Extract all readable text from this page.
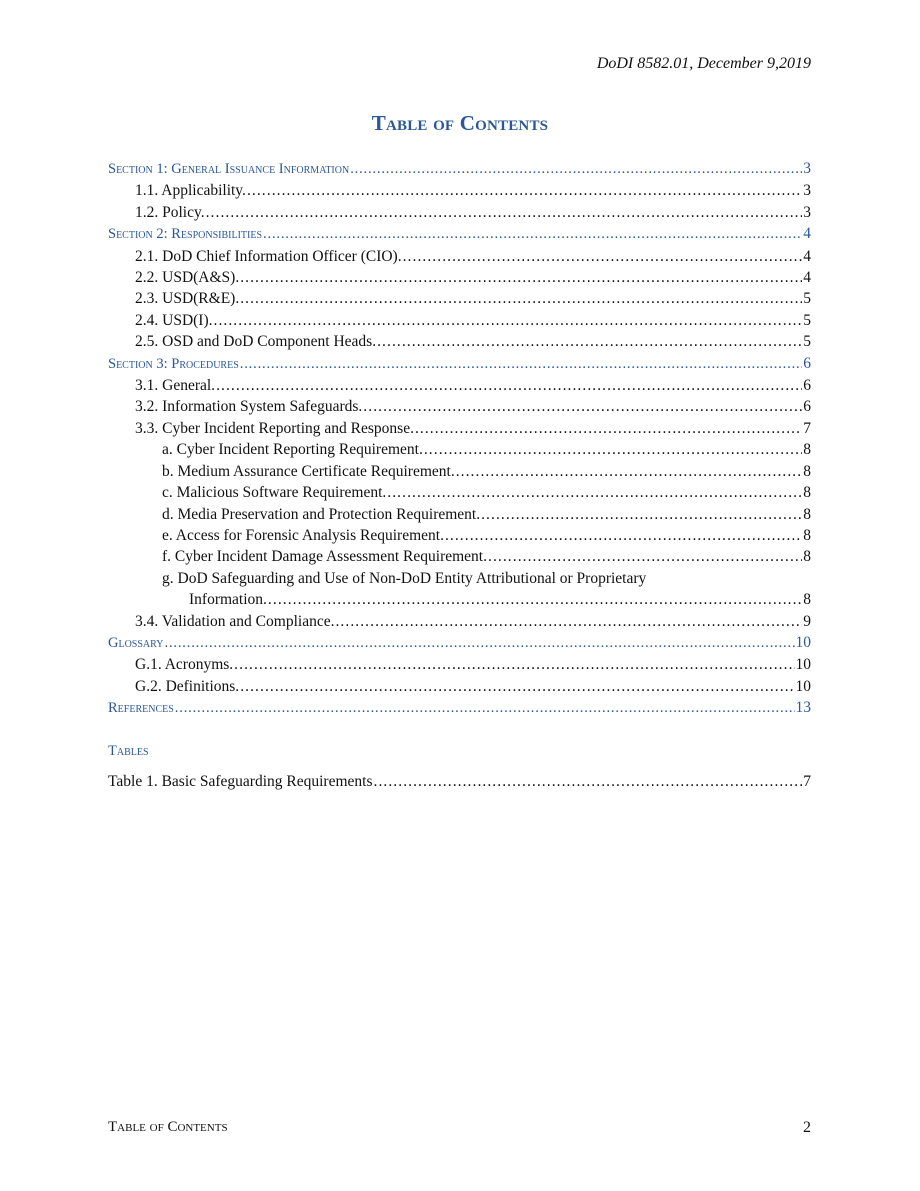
DoDI 8582.01, December 9,2019
Table of Contents
Section 1: General Issuance Information . . .	3
1.1. Applicability. . . .	3
1.2. Policy. . . .	3
Section 2: Responsibilities . . .	4
2.1. DoD Chief Information Officer (CIO). . . .	4
2.2. USD(A&S). . . .	4
2.3. USD(R&E). . . .	5
2.4. USD(I). . . .	5
2.5. OSD and DoD Component Heads. . . .	5
Section 3: Procedures . . .	6
3.1. General. . . .	6
3.2. Information System Safeguards. . . .	6
3.3. Cyber Incident Reporting and Response. . . .	7
a. Cyber Incident Reporting Requirement. . . .	8
b. Medium Assurance Certificate Requirement. . . .	8
c. Malicious Software Requirement. . . .	8
d. Media Preservation and Protection Requirement. . . .	8
e. Access for Forensic Analysis Requirement. . . .	8
f. Cyber Incident Damage Assessment Requirement. . . .	8
g. DoD Safeguarding and Use of Non-DoD Entity Attributional or Proprietary
Information. . . .	8
3.4. Validation and Compliance. . . .	9
Glossary . . .	10
G.1. Acronyms. . . .	10
G.2. Definitions. . . .	10
References . . .	13
Tables
Table 1. Basic Safeguarding Requirements . . .	7
Table of Contents	2
